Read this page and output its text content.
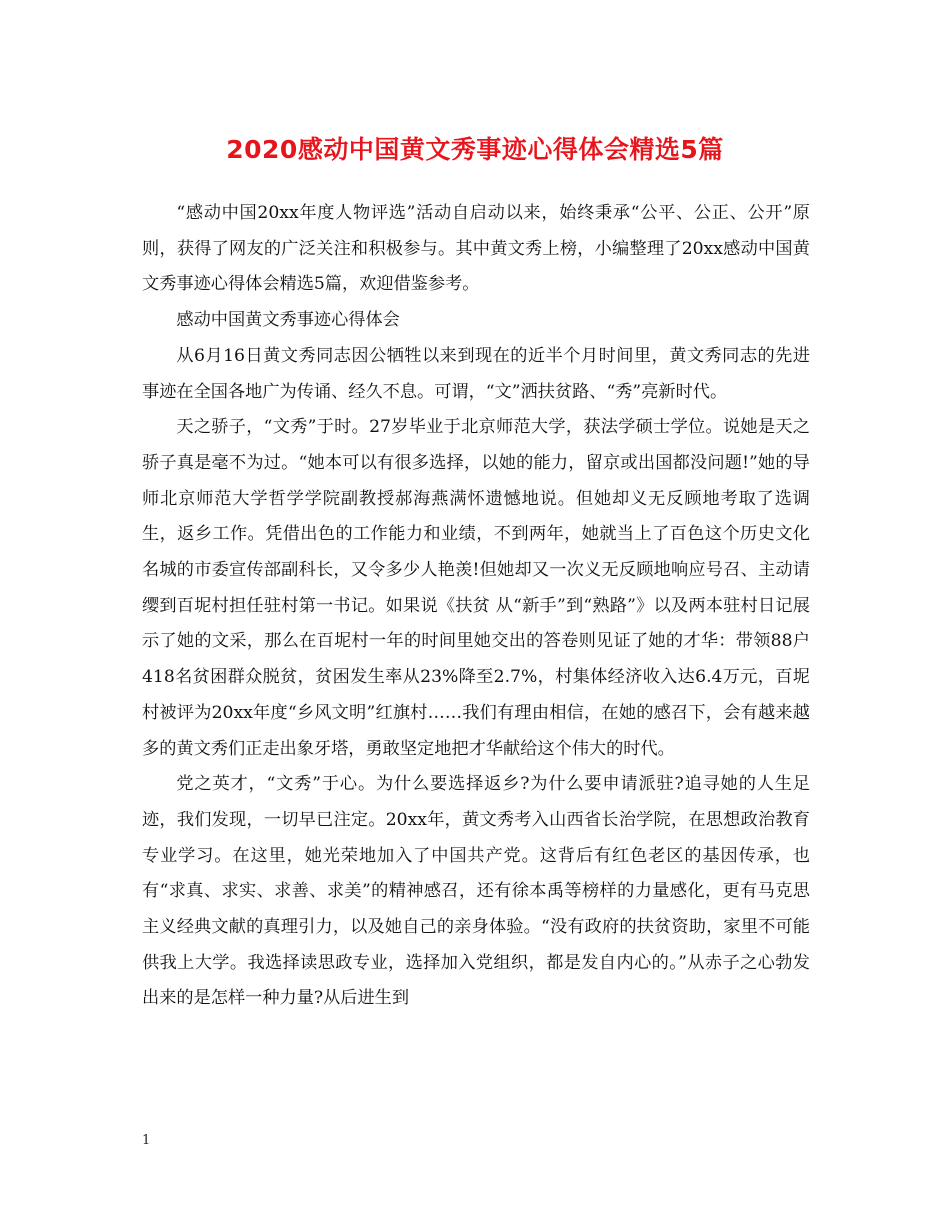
2020感动中国黄文秀事迹心得体会精选5篇

“感动中国20xx年度人物评选”活动自启动以来，始终秉承“公平、公正、公开”原则，获得了网友的广泛关注和积极参与。其中黄文秀上榜，小编整理了20xx感动中国黄文秀事迹心得体会精选5篇，欢迎借鉴参考。

感动中国黄文秀事迹心得体会

从6月16日黄文秀同志因公牺牲以来到现在的近半个月时间里，黄文秀同志的先进事迹在全国各地广为传诵、经久不息。可谓，“文”洒扶贫路、“秀”亮新时代。

天之骄子，“文秀”于时。27岁毕业于北京师范大学，获法学硕士学位。说她是天之骄子真是毫不为过。“她本可以有很多选择，以她的能力，留京或出国都没问题!”她的导师北京师范大学哲学学院副教授郝海燕满怀遗憾地说。但她却义无反顾地考取了选调生，返乡工作。凭借出色的工作能力和业绩，不到两年，她就当上了百色这个历史文化名城的市委宣传部副科长，又令多少人艳羡!但她却又一次义无反顾地响应号召、主动请缨到百坭村担任驻村第一书记。如果说《扶贫 从“新手”到“熟路”》以及两本驻村日记展示了她的文采，那么在百坭村一年的时间里她交出的答卷则见证了她的才华：带领88户418名贫困群众脱贫，贫困发生率从23%降至2.7%，村集体经济收入达6.4万元，百坭村被评为20xx年度“乡风文明”红旗村……我们有理由相信，在她的感召下，会有越来越多的黄文秀们正走出象牙塔，勇敢坚定地把才华献给这个伟大的时代。

党之英才，“文秀”于心。为什么要选择返乡?为什么要申请派驻?追寻她的人生足迹，我们发现，一切早已注定。20xx年，黄文秀考入山西省长治学院，在思想政治教育专业学习。在这里，她光荣地加入了中国共产党。这背后有红色老区的基因传承，也有“求真、求实、求善、求美”的精神感召，还有徐本禹等榜样的力量感化，更有马克思主义经典文献的真理引力，以及她自己的亲身体验。“没有政府的扶贫资助，家里不可能供我上大学。我选择读思政专业，选择加入党组织，都是发自内心的。”从赤子之心勃发出来的是怎样一种力量?从后进生到

1
